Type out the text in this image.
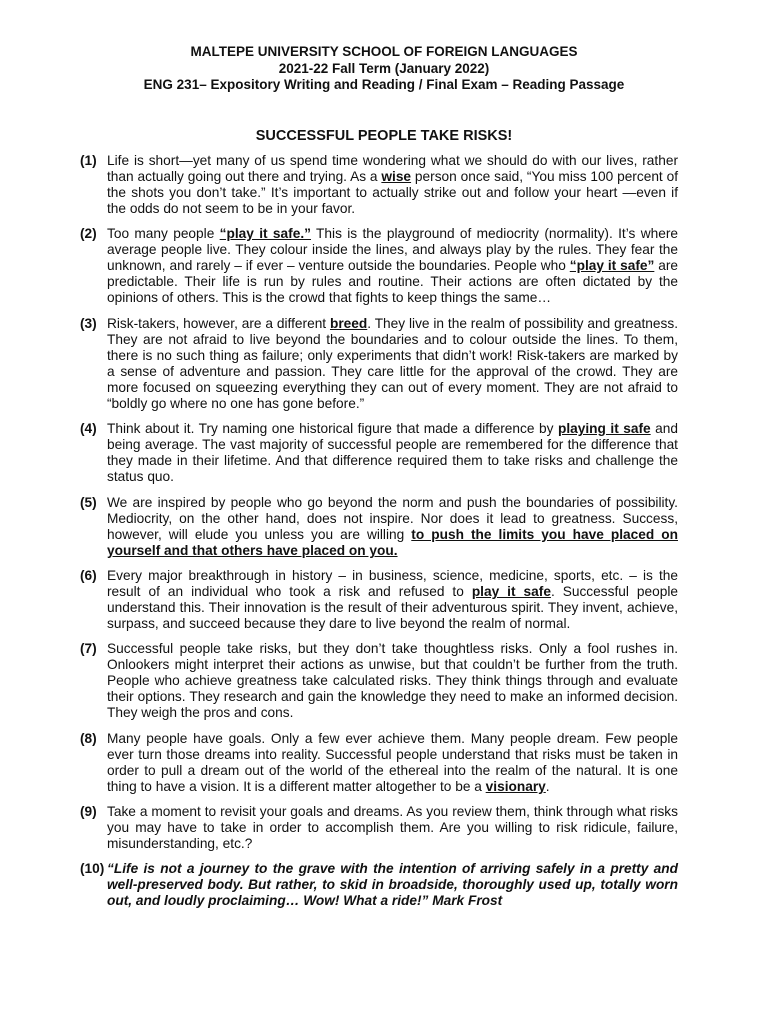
MALTEPE UNIVERSITY SCHOOL OF FOREIGN LANGUAGES
2021-22 Fall Term (January 2022)
ENG 231– Expository Writing and Reading / Final Exam – Reading Passage
SUCCESSFUL PEOPLE TAKE RISKS!
(1) Life is short—yet many of us spend time wondering what we should do with our lives, rather than actually going out there and trying. As a wise person once said, “You miss 100 percent of the shots you don’t take.” It’s important to actually strike out and follow your heart —even if the odds do not seem to be in your favor.
(2) Too many people “play it safe.” This is the playground of mediocrity (normality). It’s where average people live. They colour inside the lines, and always play by the rules. They fear the unknown, and rarely – if ever – venture outside the boundaries. People who “play it safe” are predictable. Their life is run by rules and routine. Their actions are often dictated by the opinions of others. This is the crowd that fights to keep things the same…
(3) Risk-takers, however, are a different breed. They live in the realm of possibility and greatness. They are not afraid to live beyond the boundaries and to colour outside the lines. To them, there is no such thing as failure; only experiments that didn’t work! Risk-takers are marked by a sense of adventure and passion. They care little for the approval of the crowd. They are more focused on squeezing everything they can out of every moment. They are not afraid to “boldly go where no one has gone before.”
(4) Think about it. Try naming one historical figure that made a difference by playing it safe and being average. The vast majority of successful people are remembered for the difference that they made in their lifetime. And that difference required them to take risks and challenge the status quo.
(5) We are inspired by people who go beyond the norm and push the boundaries of possibility. Mediocrity, on the other hand, does not inspire. Nor does it lead to greatness. Success, however, will elude you unless you are willing to push the limits you have placed on yourself and that others have placed on you.
(6) Every major breakthrough in history – in business, science, medicine, sports, etc. – is the result of an individual who took a risk and refused to play it safe. Successful people understand this. Their innovation is the result of their adventurous spirit. They invent, achieve, surpass, and succeed because they dare to live beyond the realm of normal.
(7) Successful people take risks, but they don’t take thoughtless risks. Only a fool rushes in. Onlookers might interpret their actions as unwise, but that couldn’t be further from the truth. People who achieve greatness take calculated risks. They think things through and evaluate their options. They research and gain the knowledge they need to make an informed decision. They weigh the pros and cons.
(8) Many people have goals. Only a few ever achieve them. Many people dream. Few people ever turn those dreams into reality. Successful people understand that risks must be taken in order to pull a dream out of the world of the ethereal into the realm of the natural. It is one thing to have a vision. It is a different matter altogether to be a visionary.
(9) Take a moment to revisit your goals and dreams. As you review them, think through what risks you may have to take in order to accomplish them. Are you willing to risk ridicule, failure, misunderstanding, etc.?
(10) “Life is not a journey to the grave with the intention of arriving safely in a pretty and well-preserved body. But rather, to skid in broadside, thoroughly used up, totally worn out, and loudly proclaiming… Wow! What a ride!” Mark Frost
